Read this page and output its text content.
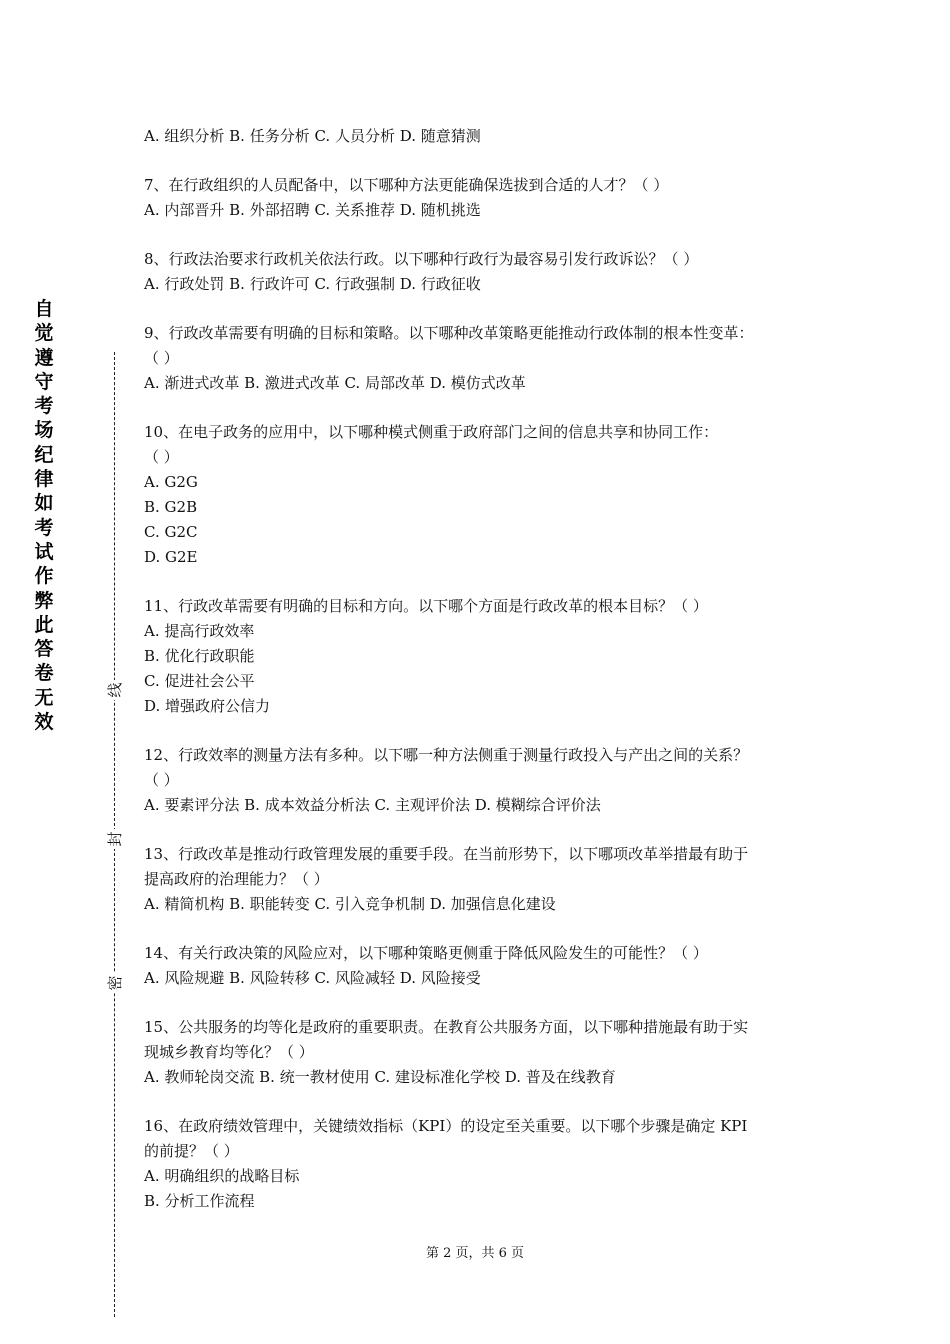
自觉遵守考场纪律如考试作弊此答卷无效
线
封
密
A. 组织分析 B. 任务分析 C. 人员分析 D. 随意猜测
7、在行政组织的人员配备中，以下哪种方法更能确保选拔到合适的人才？（ ）
A. 内部晋升 B. 外部招聘 C. 关系推荐 D. 随机挑选
8、行政法治要求行政机关依法行政。以下哪种行政行为最容易引发行政诉讼？（ ）
A. 行政处罚 B. 行政许可 C. 行政强制 D. 行政征收
9、行政改革需要有明确的目标和策略。以下哪种改革策略更能推动行政体制的根本性变革：
（ ）
A. 渐进式改革 B. 激进式改革 C. 局部改革 D. 模仿式改革
10、在电子政务的应用中，以下哪种模式侧重于政府部门之间的信息共享和协同工作：
（ ）
A. G2G
B. G2B
C. G2C
D. G2E
11、行政改革需要有明确的目标和方向。以下哪个方面是行政改革的根本目标？（ ）
A. 提高行政效率
B. 优化行政职能
C. 促进社会公平
D. 增强政府公信力
12、行政效率的测量方法有多种。以下哪一种方法侧重于测量行政投入与产出之间的关系？
（ ）
A. 要素评分法 B. 成本效益分析法 C. 主观评价法 D. 模糊综合评价法
13、行政改革是推动行政管理发展的重要手段。在当前形势下，以下哪项改革举措最有助于
提高政府的治理能力？（ ）
A. 精简机构 B. 职能转变 C. 引入竞争机制 D. 加强信息化建设
14、有关行政决策的风险应对，以下哪种策略更侧重于降低风险发生的可能性？（ ）
A. 风险规避 B. 风险转移 C. 风险减轻 D. 风险接受
15、公共服务的均等化是政府的重要职责。在教育公共服务方面，以下哪种措施最有助于实
现城乡教育均等化？（ ）
A. 教师轮岗交流 B. 统一教材使用 C. 建设标准化学校 D. 普及在线教育
16、在政府绩效管理中，关键绩效指标（KPI）的设定至关重要。以下哪个步骤是确定 KPI
的前提？（ ）
A. 明确组织的战略目标
B. 分析工作流程
第 2 页，共 6 页
